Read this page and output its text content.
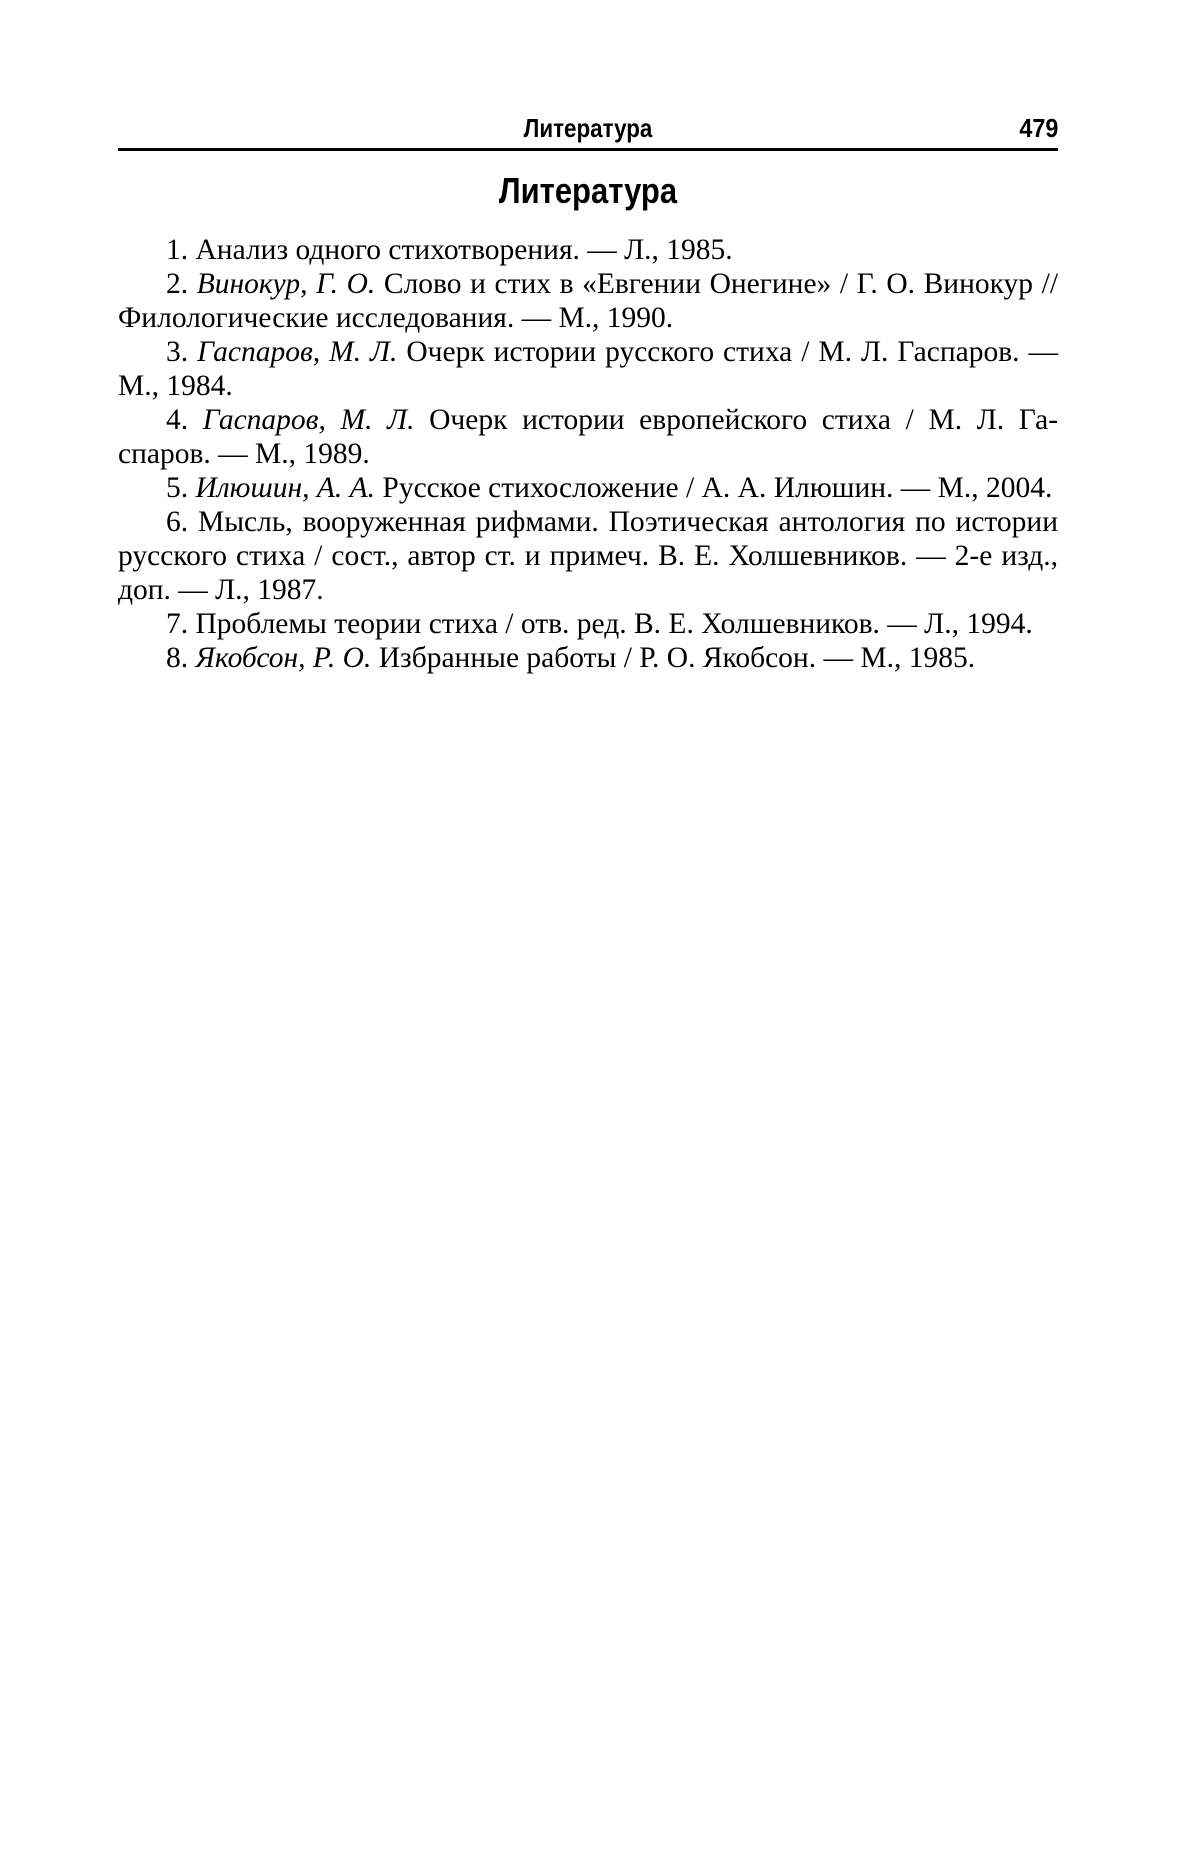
Литература	479
Литература
1. Анализ одного стихотворения. — Л., 1985.
2. Винокур, Г. О. Слово и стих в «Евгении Онегине» / Г. О. Винокур // Филологические исследования. — М., 1990.
3. Гаспаров, М. Л. Очерк истории русского стиха / М. Л. Гаспаров. — М., 1984.
4. Гаспаров, М. Л. Очерк истории европейского стиха / М. Л. Гаспаров. — М., 1989.
5. Илюшин, А. А. Русское стихосложение / А. А. Илюшин. — М., 2004.
6. Мысль, вооруженная рифмами. Поэтическая антология по истории русского стиха / сост., автор ст. и примеч. В. Е. Холшевников. — 2-е изд., доп. — Л., 1987.
7. Проблемы теории стиха / отв. ред. В. Е. Холшевников. — Л., 1994.
8. Якобсон, Р. О. Избранные работы / Р. О. Якобсон. — М., 1985.
